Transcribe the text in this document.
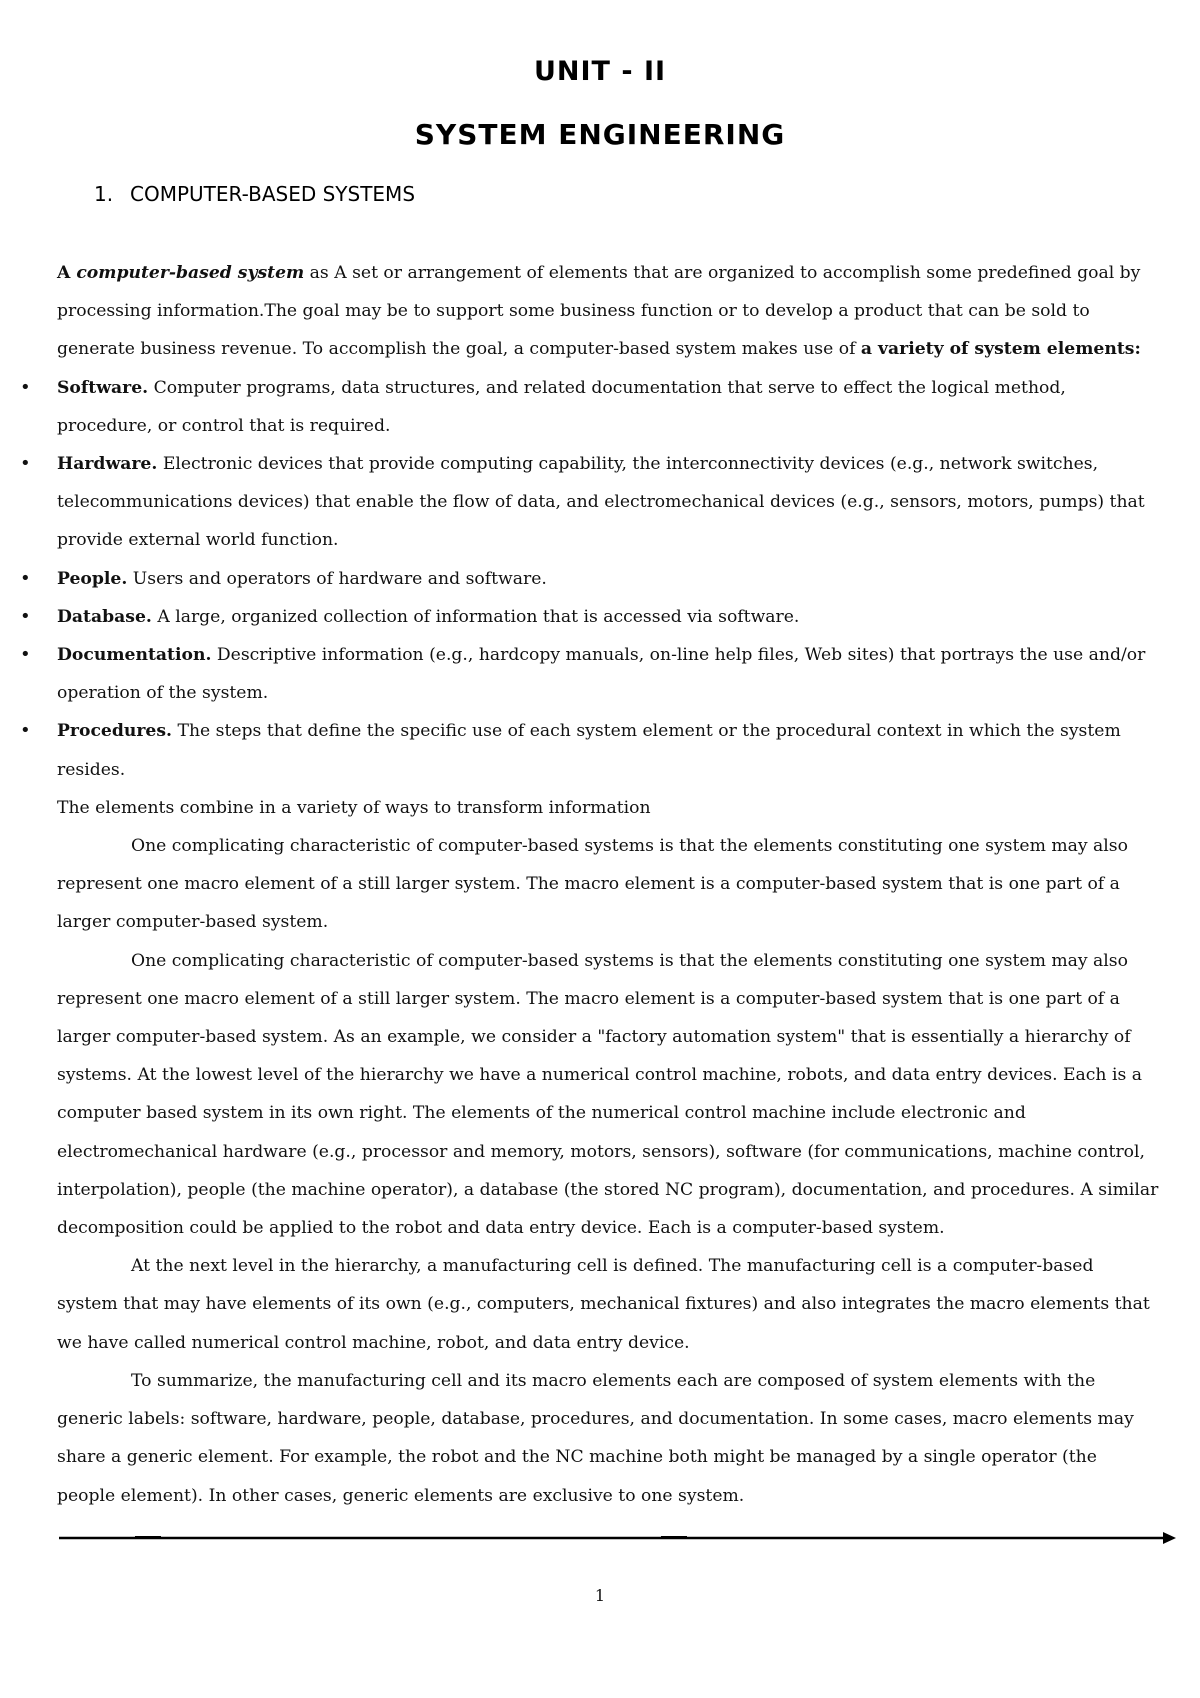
UNIT - II
SYSTEM ENGINEERING
1. COMPUTER-BASED SYSTEMS

A computer-based system as A set or arrangement of elements that are organized to accomplish some predefined goal by processing information.The goal may be to support some business function or to develop a product that can be sold to generate business revenue. To accomplish the goal, a computer-based system makes use of a variety of system elements:

• Software. Computer programs, data structures, and related documentation that serve to effect the logical method, procedure, or control that is required.

• Hardware. Electronic devices that provide computing capability, the interconnectivity devices (e.g., network switches, telecommunications devices) that enable the flow of data, and electromechanical devices (e.g., sensors, motors, pumps) that provide external world function.

• People. Users and operators of hardware and software.

• Database. A large, organized collection of information that is accessed via software.

• Documentation. Descriptive information (e.g., hardcopy manuals, on-line help files, Web sites) that portrays the use and/or operation of the system.

• Procedures. The steps that define the specific use of each system element or the procedural context in which the system resides.

The elements combine in a variety of ways to transform information

One complicating characteristic of computer-based systems is that the elements constituting one system may also represent one macro element of a still larger system. The macro element is a computer-based system that is one part of a larger computer-based system.

One complicating characteristic of computer-based systems is that the elements constituting one system may also represent one macro element of a still larger system. The macro element is a computer-based system that is one part of a larger computer-based system. As an example, we consider a "factory automation system" that is essentially a hierarchy of systems. At the lowest level of the hierarchy we have a numerical control machine, robots, and data entry devices. Each is a computer based system in its own right. The elements of the numerical control machine include electronic and electromechanical hardware (e.g., processor and memory, motors, sensors), software (for communications, machine control, interpolation), people (the machine operator), a database (the stored NC program), documentation, and procedures. A similar decomposition could be applied to the robot and data entry device. Each is a computer-based system.

At the next level in the hierarchy, a manufacturing cell is defined. The manufacturing cell is a computer-based system that may have elements of its own (e.g., computers, mechanical fixtures) and also integrates the macro elements that we have called numerical control machine, robot, and data entry device.

To summarize, the manufacturing cell and its macro elements each are composed of system elements with the generic labels: software, hardware, people, database, procedures, and documentation. In some cases, macro elements may share a generic element. For example, the robot and the NC machine both might be managed by a single operator (the people element). In other cases, generic elements are exclusive to one system.

1
